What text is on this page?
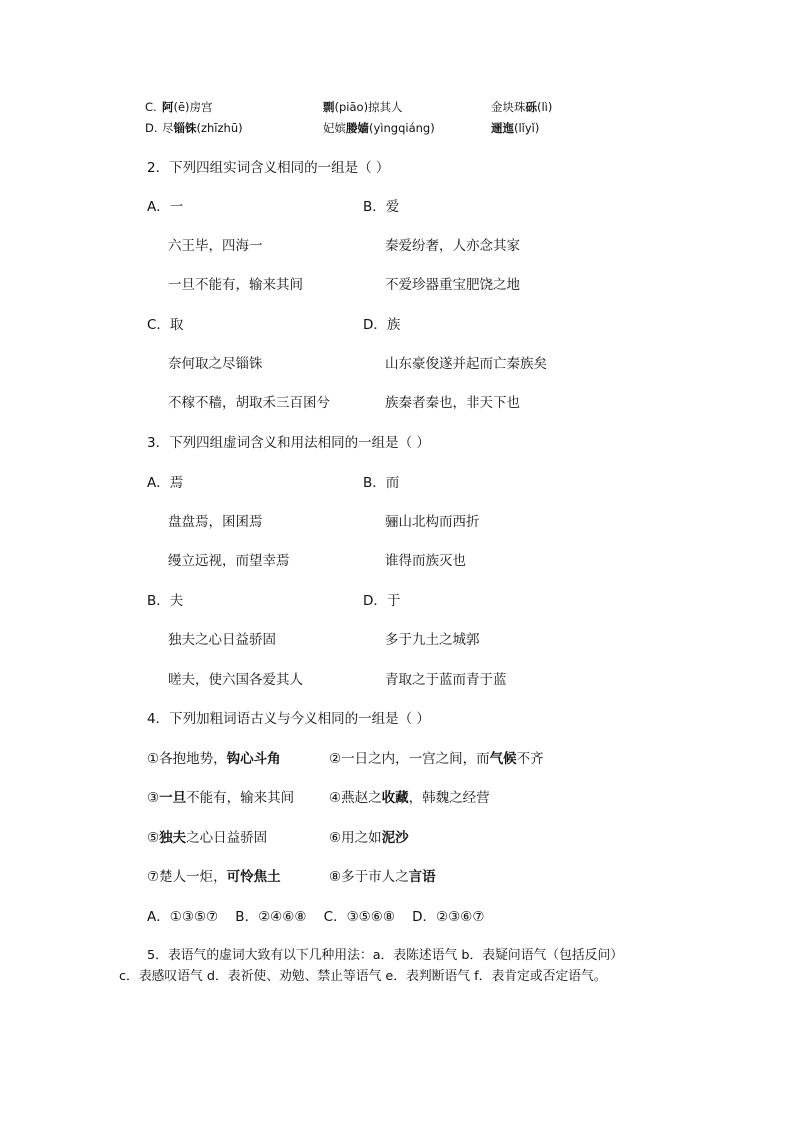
C. 阿(ē)房宫	剽(piāo)掠其人	金块珠砾(lì)
D. 尽锱铢(zhīzhū)	妃嫔媵嫱(yìngqiáng)	逦迤(lǐyǐ)
2．下列四组实词含义相同的一组是（ ）
A．一	B．爱
六王毕，四海一	秦爱纷奢，人亦念其家
一旦不能有，输来其间	不爱珍器重宝肥饶之地
C．取	D．族
奈何取之尽锱铢	山东豪俊遂并起而亡秦族矣
不稼不穑，胡取禾三百囷兮	族秦者秦也，非天下也
3．下列四组虚词含义和用法相同的一组是（ ）
A．焉	B．而
盘盘焉，囷囷焉	骊山北构而西折
缦立远视，而望幸焉	谁得而族灭也
B．夫	D．于
独夫之心日益骄固	多于九土之城郭
嗟夫，使六国各爱其人	青取之于蓝而青于蓝
4．下列加粗词语古义与今义相同的一组是（ ）
①各抱地势，钩心斗角	②一日之内，一宫之间，而气候不齐
③一旦不能有，输来其间	④燕赵之收藏，韩魏之经营
⑤独夫之心日益骄固	⑥用之如泥沙
⑦楚人一炬，可怜焦土	⑧多于市人之言语
A．①③⑤⑦    B．②④⑥⑧    C．③⑤⑥⑧    D．②③⑥⑦
5．表语气的虚词大致有以下几种用法：a．表陈述语气 b．表疑问语气（包括反问）
c．表感叹语气 d．表祈使、劝勉、禁止等语气 e．表判断语气 f．表肯定或否定语气。
